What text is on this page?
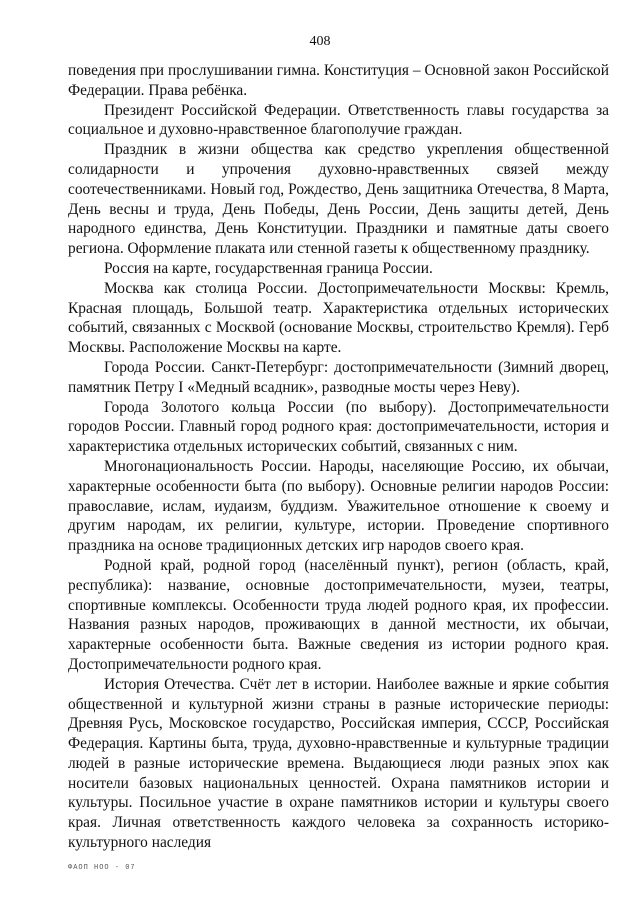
408

поведения при прослушивании гимна. Конституция – Основной закон Российской Федерации. Права ребёнка.

Президент Российской Федерации. Ответственность главы государства за социальное и духовно-нравственное благополучие граждан.

Праздник в жизни общества как средство укрепления общественной солидарности и упрочения духовно-нравственных связей между соотечественниками. Новый год, Рождество, День защитника Отечества, 8 Марта, День весны и труда, День Победы, День России, День защиты детей, День народного единства, День Конституции. Праздники и памятные даты своего региона. Оформление плаката или стенной газеты к общественному празднику.

Россия на карте, государственная граница России.

Москва как столица России. Достопримечательности Москвы: Кремль, Красная площадь, Большой театр. Характеристика отдельных исторических событий, связанных с Москвой (основание Москвы, строительство Кремля). Герб Москвы. Расположение Москвы на карте.

Города России. Санкт-Петербург: достопримечательности (Зимний дворец, памятник Петру I «Медный всадник», разводные мосты через Неву).

Города Золотого кольца России (по выбору). Достопримечательности городов России. Главный город родного края: достопримечательности, история и характеристика отдельных исторических событий, связанных с ним.

Многонациональность России. Народы, населяющие Россию, их обычаи, характерные особенности быта (по выбору). Основные религии народов России: православие, ислам, иудаизм, буддизм. Уважительное отношение к своему и другим народам, их религии, культуре, истории. Проведение спортивного праздника на основе традиционных детских игр народов своего края.

Родной край, родной город (населённый пункт), регион (область, край, республика): название, основные достопримечательности, музеи, театры, спортивные комплексы. Особенности труда людей родного края, их профессии. Названия разных народов, проживающих в данной местности, их обычаи, характерные особенности быта. Важные сведения из истории родного края. Достопримечательности родного края.

История Отечества. Счёт лет в истории. Наиболее важные и яркие события общественной и культурной жизни страны в разные исторические периоды: Древняя Русь, Московское государство, Российская империя, СССР, Российская Федерация. Картины быта, труда, духовно-нравственные и культурные традиции людей в разные исторические времена. Выдающиеся люди разных эпох как носители базовых национальных ценностей. Охрана памятников истории и культуры. Посильное участие в охране памятников истории и культуры своего края. Личная ответственность каждого человека за сохранность историко-культурного наследия

ФАОП НОО - 07
